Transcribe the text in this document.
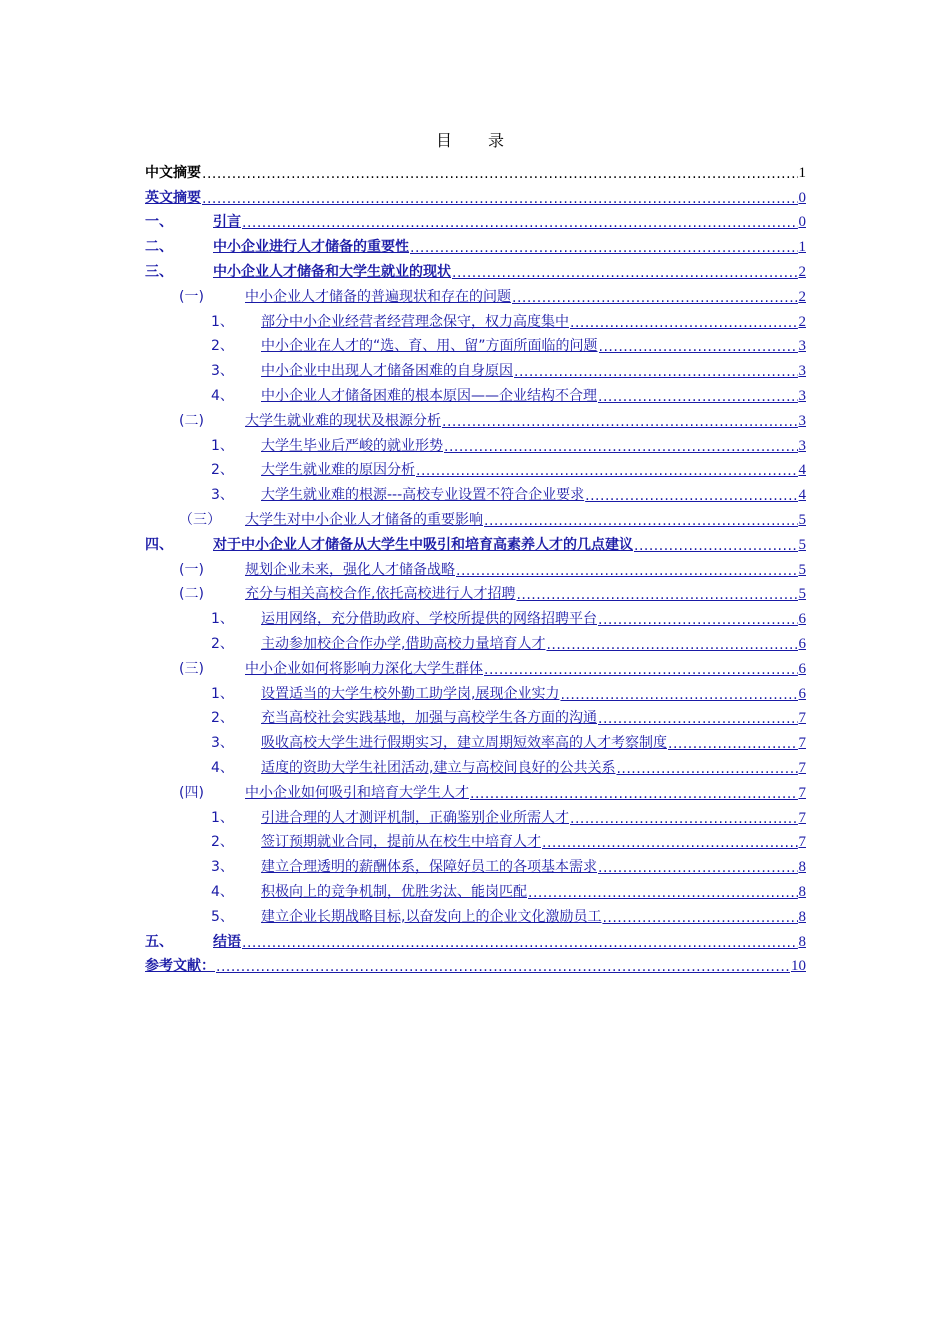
目　录
中文摘要 .....	1
英文摘要 .....	0
一、	引言 .....	0
二、	中小企业进行人才储备的重要性 .....	1
三、	中小企业人才储备和大学生就业的现状 .....	2
(一)	中小企业人才储备的普遍现状和存在的问题 .....	2
1、	部分中小企业经营者经营理念保守，权力高度集中 .....	2
2、	中小企业在人才的“选、育、用、留”方面所面临的问题 .....	3
3、	中小企业中出现人才储备困难的自身原因 .....	3
4、	中小企业人才储备困难的根本原因——企业结构不合理 .....	3
(二)	大学生就业难的现状及根源分析 .....	3
1、	大学生毕业后严峻的就业形势 .....	3
2、	大学生就业难的原因分析 .....	4
3、	大学生就业难的根源---高校专业设置不符合企业要求 .....	4
（三）	大学生对中小企业人才储备的重要影响 .....	5
四、	对于中小企业人才储备从大学生中吸引和培育高素养人才的几点建议 .....	5
(一)	规划企业未来，强化人才储备战略 .....	5
(二)	充分与相关高校合作,依托高校进行人才招聘 .....	5
1、	运用网络，充分借助政府、学校所提供的网络招聘平台 .....	6
2、	主动参加校企合作办学,借助高校力量培育人才 .....	6
(三)	中小企业如何将影响力深化大学生群体 .....	6
1、	设置适当的大学生校外勤工助学岗,展现企业实力 .....	6
2、	充当高校社会实践基地，加强与高校学生各方面的沟通 .....	7
3、	吸收高校大学生进行假期实习，建立周期短效率高的人才考察制度 .....	7
4、	适度的资助大学生社团活动,建立与高校间良好的公共关系 .....	7
(四)	中小企业如何吸引和培育大学生人才 .....	7
1、	引进合理的人才测评机制，正确鉴别企业所需人才 .....	7
2、	签订预期就业合同，提前从在校生中培育人才 .....	7
3、	建立合理透明的薪酬体系，保障好员工的各项基本需求 .....	8
4、	积极向上的竞争机制，优胜劣汰、能岗匹配 .....	8
5、	建立企业长期战略目标,以奋发向上的企业文化激励员工 .....	8
五、	结语 .....	8
参考文献： .....	10
